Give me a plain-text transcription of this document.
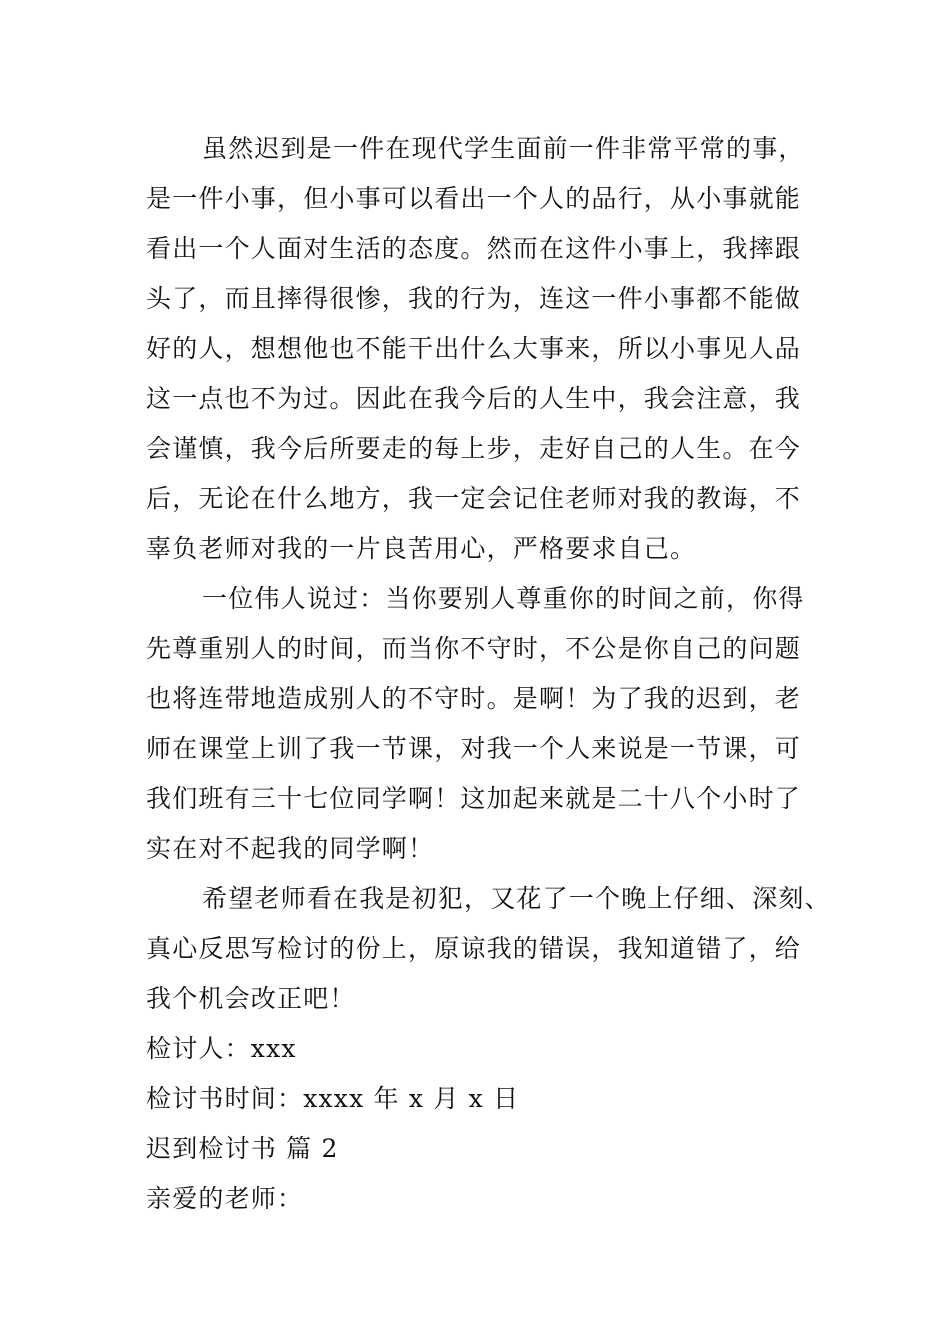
虽然迟到是一件在现代学生面前一件非常平常的事，
是一件小事，但小事可以看出一个人的品行，从小事就能
看出一个人面对生活的态度。然而在这件小事上，我摔跟
头了，而且摔得很惨，我的行为，连这一件小事都不能做
好的人，想想他也不能干出什么大事来，所以小事见人品
这一点也不为过。因此在我今后的人生中，我会注意，我
会谨慎，我今后所要走的每上步，走好自己的人生。在今
后，无论在什么地方，我一定会记住老师对我的教诲，不
辜负老师对我的一片良苦用心，严格要求自己。
一位伟人说过：当你要别人尊重你的时间之前，你得
先尊重别人的时间，而当你不守时，不公是你自己的问题
也将连带地造成别人的不守时。是啊！为了我的迟到，老
师在课堂上训了我一节课，对我一个人来说是一节课，可
我们班有三十七位同学啊！这加起来就是二十八个小时了
实在对不起我的同学啊！
希望老师看在我是初犯，又花了一个晚上仔细、深刻、
真心反思写检讨的份上，原谅我的错误，我知道错了，给
我个机会改正吧！
检讨人：xxx
检讨书时间：xxxx 年 x 月 x 日
迟到检讨书 篇 2
亲爱的老师：
